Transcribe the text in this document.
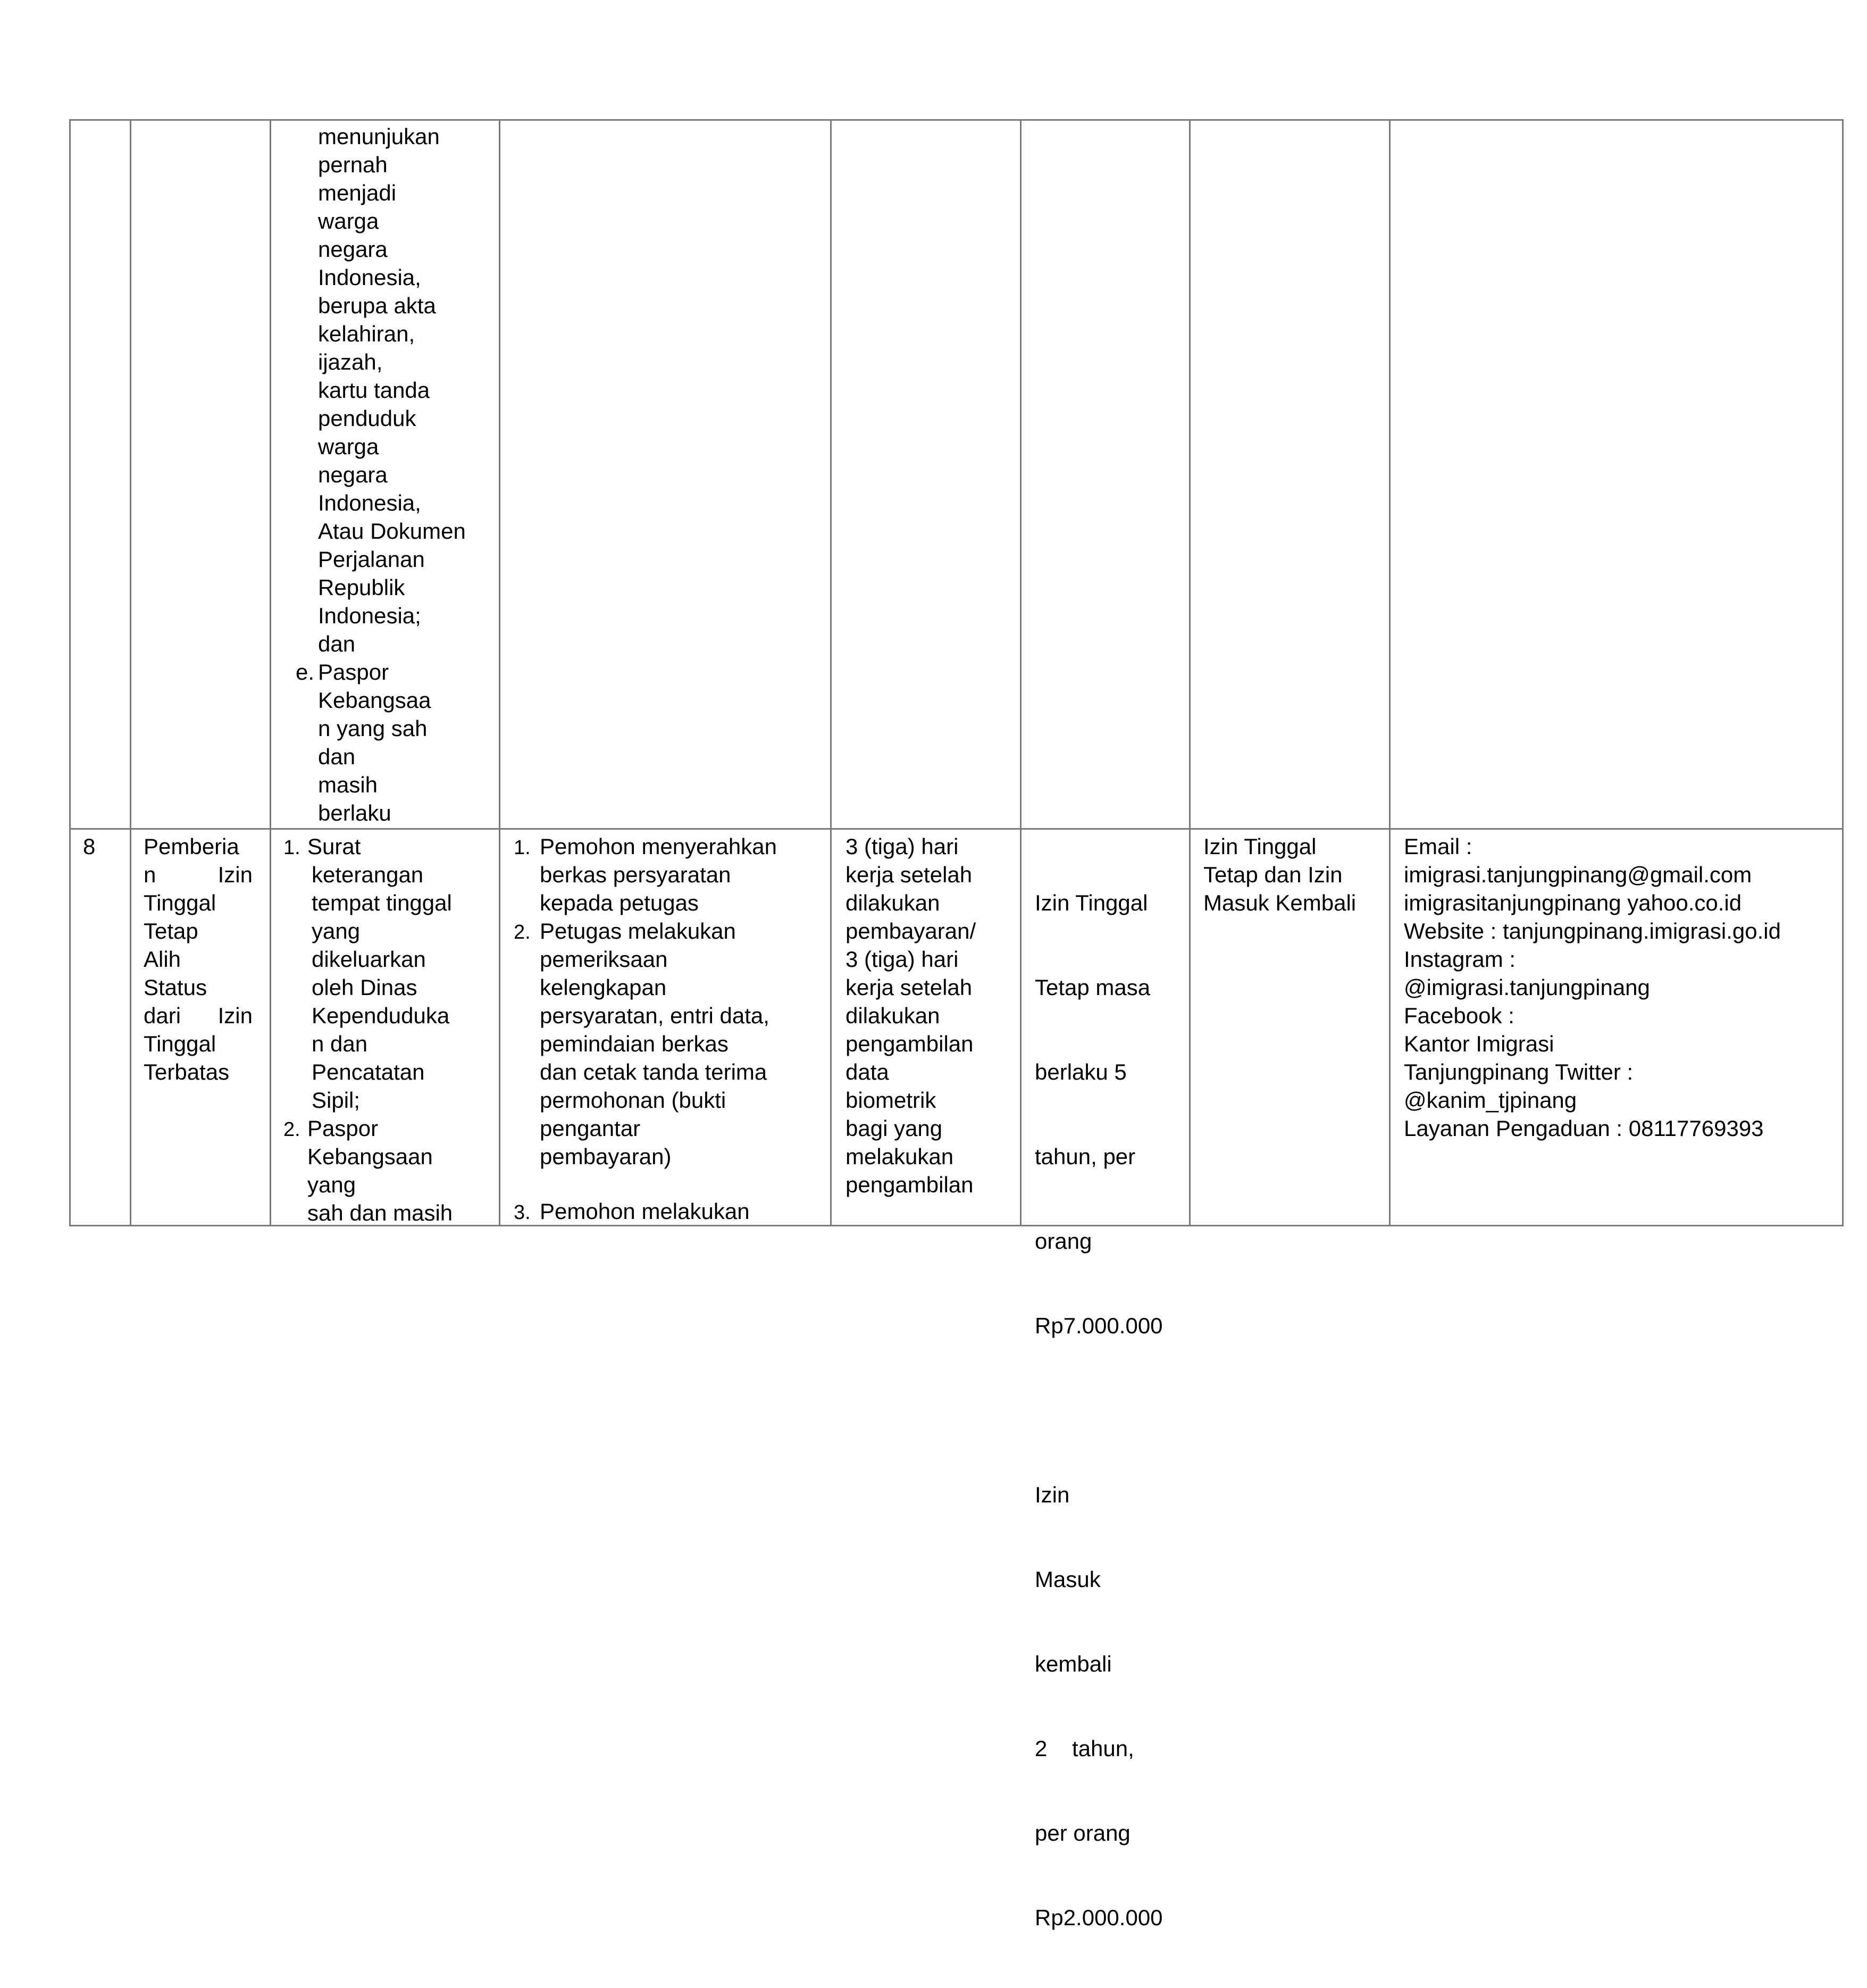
menunjukan
pernah
menjadi
warga
negara
Indonesia,
berupa akta
kelahiran,
ijazah,
kartu tanda
penduduk
warga
negara
Indonesia,
Atau Dokumen
Perjalanan
Republik
Indonesia;
dan
e. Paspor
Kebangsaa
n yang sah
dan
masih
berlaku
8 Pemberia
n	Izin
Tinggal
Tetap
Alih
Status
dari Izin
Tinggal
Terbatas
1. Surat
keterangan
tempat tinggal
yang
dikeluarkan
oleh Dinas
Kependuduka
n dan
Pencatatan
Sipil;
2. Paspor
Kebangsaan
yang
sah dan masih
1. Pemohon menyerahkan
berkas persyaratan
kepada petugas
2. Petugas melakukan
pemeriksaan
kelengkapan
persyaratan, entri data,
pemindaian berkas
dan cetak tanda terima
permohonan (bukti
pengantar
pembayaran)
3. Pemohon melakukan
3 (tiga) hari
kerja setelah
dilakukan
pembayaran/
3 (tiga) hari
kerja setelah
dilakukan
pengambilan
data
biometrik
bagi yang
melakukan
pengambilan

Izin Tinggal

Tetap masa

berlaku 5

tahun, per

orang

Rp7.000.000

Izin

Masuk

kembali

2    tahun,

per orang

Rp2.000.000

Izin Tinggal
Tetap dan Izin
Masuk Kembali
Email :
imigrasi.tanjungpinang@gmail.com
imigrasitanjungpinang yahoo.co.id
Website : tanjungpinang.imigrasi.go.id
Instagram :
@imigrasi.tanjungpinang
Facebook :
Kantor Imigrasi
Tanjungpinang Twitter :
@kanim_tjpinang
Layanan Pengaduan : 08117769393
